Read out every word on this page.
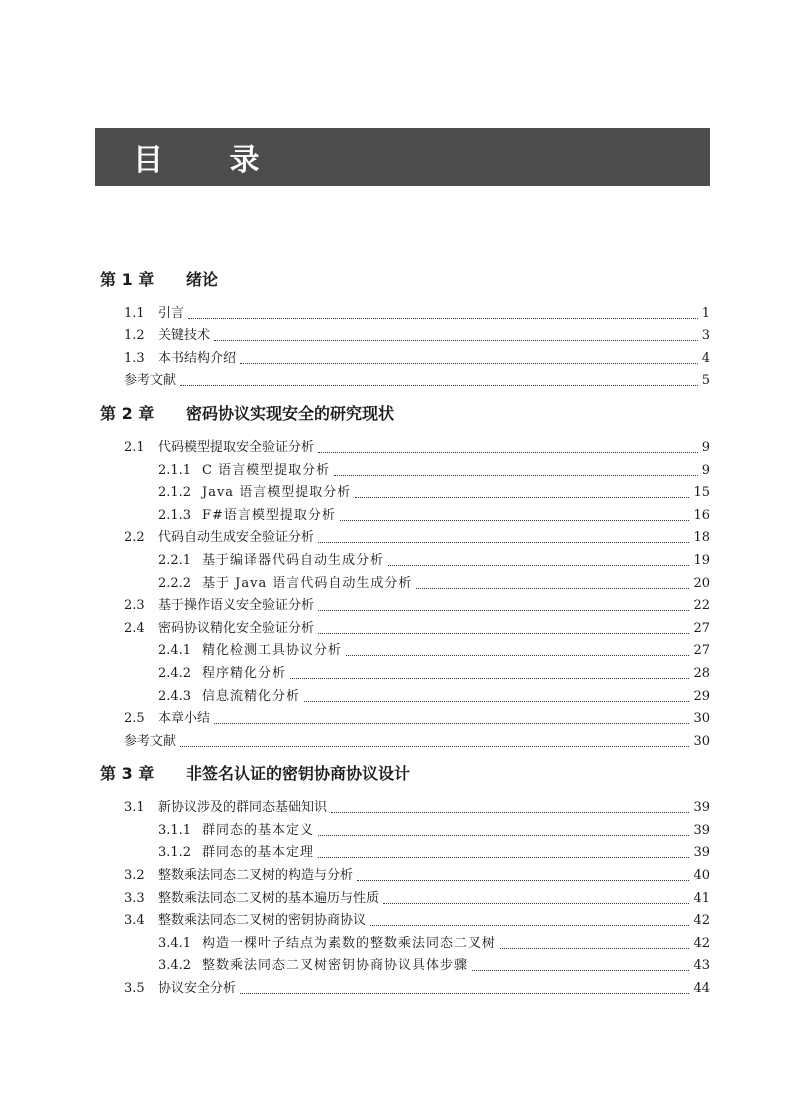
目 录
第 1 章	绪论
1.1	引言	1
1.2	关键技术	3
1.3	本书结构介绍	4
参考文献	5
第 2 章	密码协议实现安全的研究现状
2.1	代码模型提取安全验证分析	9
2.1.1 C 语言模型提取分析	9
2.1.2 Java 语言模型提取分析	15
2.1.3 F#语言模型提取分析	16
2.2	代码自动生成安全验证分析	18
2.2.1 基于编译器代码自动生成分析	19
2.2.2 基于 Java 语言代码自动生成分析	20
2.3	基于操作语义安全验证分析	22
2.4	密码协议精化安全验证分析	27
2.4.1 精化检测工具协议分析	27
2.4.2 程序精化分析	28
2.4.3 信息流精化分析	29
2.5	本章小结	30
参考文献	30
第 3 章	非签名认证的密钥协商协议设计
3.1	新协议涉及的群同态基础知识	39
3.1.1 群同态的基本定义	39
3.1.2 群同态的基本定理	39
3.2	整数乘法同态二叉树的构造与分析	40
3.3	整数乘法同态二叉树的基本遍历与性质	41
3.4	整数乘法同态二叉树的密钥协商协议	42
3.4.1 构造一棵叶子结点为素数的整数乘法同态二叉树	42
3.4.2 整数乘法同态二叉树密钥协商协议具体步骤	43
3.5	协议安全分析	44
